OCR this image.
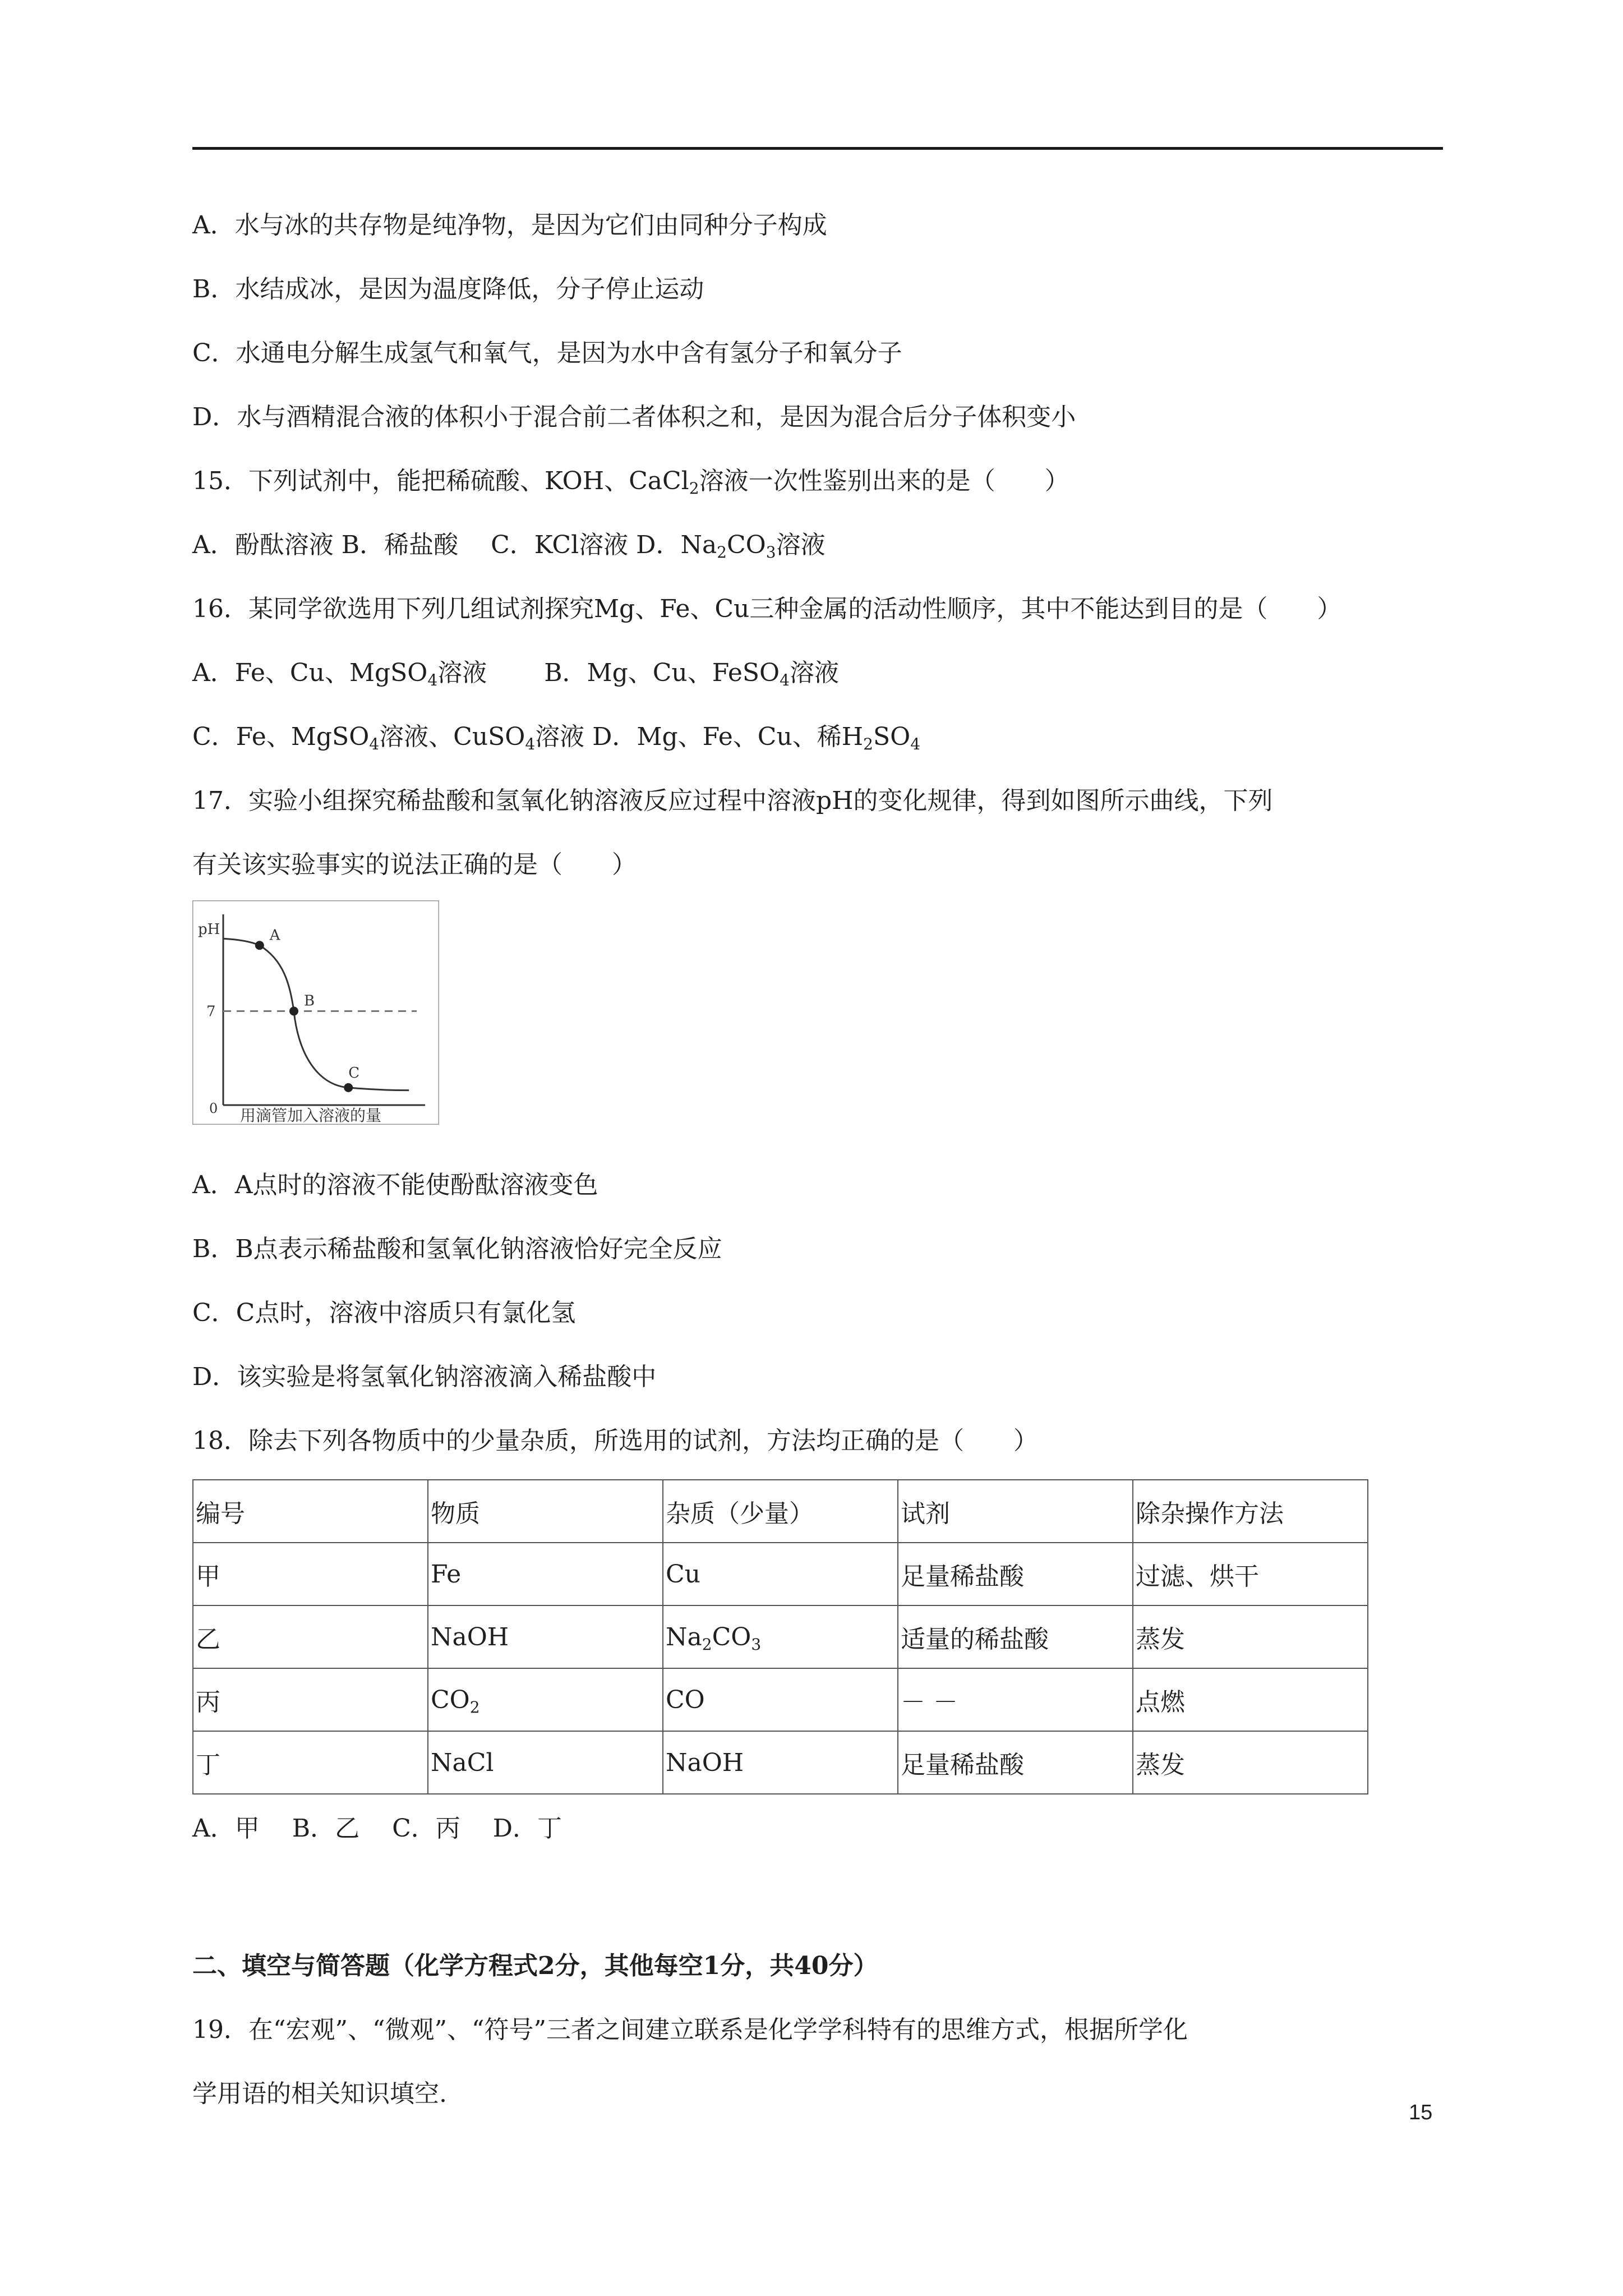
A．水与冰的共存物是纯净物，是因为它们由同种分子构成
B．水结成冰，是因为温度降低，分子停止运动
C．水通电分解生成氢气和氧气，是因为水中含有氢分子和氧分子
D．水与酒精混合液的体积小于混合前二者体积之和，是因为混合后分子体积变小
15．下列试剂中，能把稀硫酸、KOH、CaCl$_2$溶液一次性鉴别出来的是（　　）
A．酚酞溶液 B．稀盐酸　 C．KCl溶液 D．$Na_2CO_3$溶液
16．某同学欲选用下列几组试剂探究Mg、Fe、Cu三种金属的活动性顺序，其中不能达到目的是（　　）
A．Fe、Cu、MgSO$_4$溶液　　 B．Mg、Cu、FeSO$_4$溶液
C．Fe、MgSO$_4$溶液、CuSO$_4$溶液 D．Mg、Fe、Cu、稀$H_2SO_4$
17．实验小组探究稀盐酸和氢氧化钠溶液反应过程中溶液pH的变化规律，得到如图所示曲线，下列
有关该实验事实的说法正确的是（　　）
pH
0 用滴管加入溶液的量
7
A
B
C
A．A点时的溶液不能使酚酞溶液变色
B．B点表示稀盐酸和氢氧化钠溶液恰好完全反应
C．C点时，溶液中溶质只有氯化氢
D．该实验是将氢氧化钠溶液滴入稀盐酸中
18．除去下列各物质中的少量杂质，所选用的试剂，方法均正确的是（　　）
编号	物质	杂质（少量）	试剂	除杂操作方法
甲	Fe	Cu	足量稀盐酸	过滤、烘干
乙	NaOH	$Na_2CO_3$	适量的稀盐酸	蒸发
丙	$CO_2$	CO	－ －	点燃
丁	NaCl	NaOH	足量稀盐酸	蒸发
A．甲　 B．乙　 C．丙　 D．丁
二、填空与简答题（化学方程式2分，其他每空1分，共40分）
19．在“宏观”、“微观”、“符号”三者之间建立联系是化学学科特有的思维方式，根据所学化
学用语的相关知识填空.
15
